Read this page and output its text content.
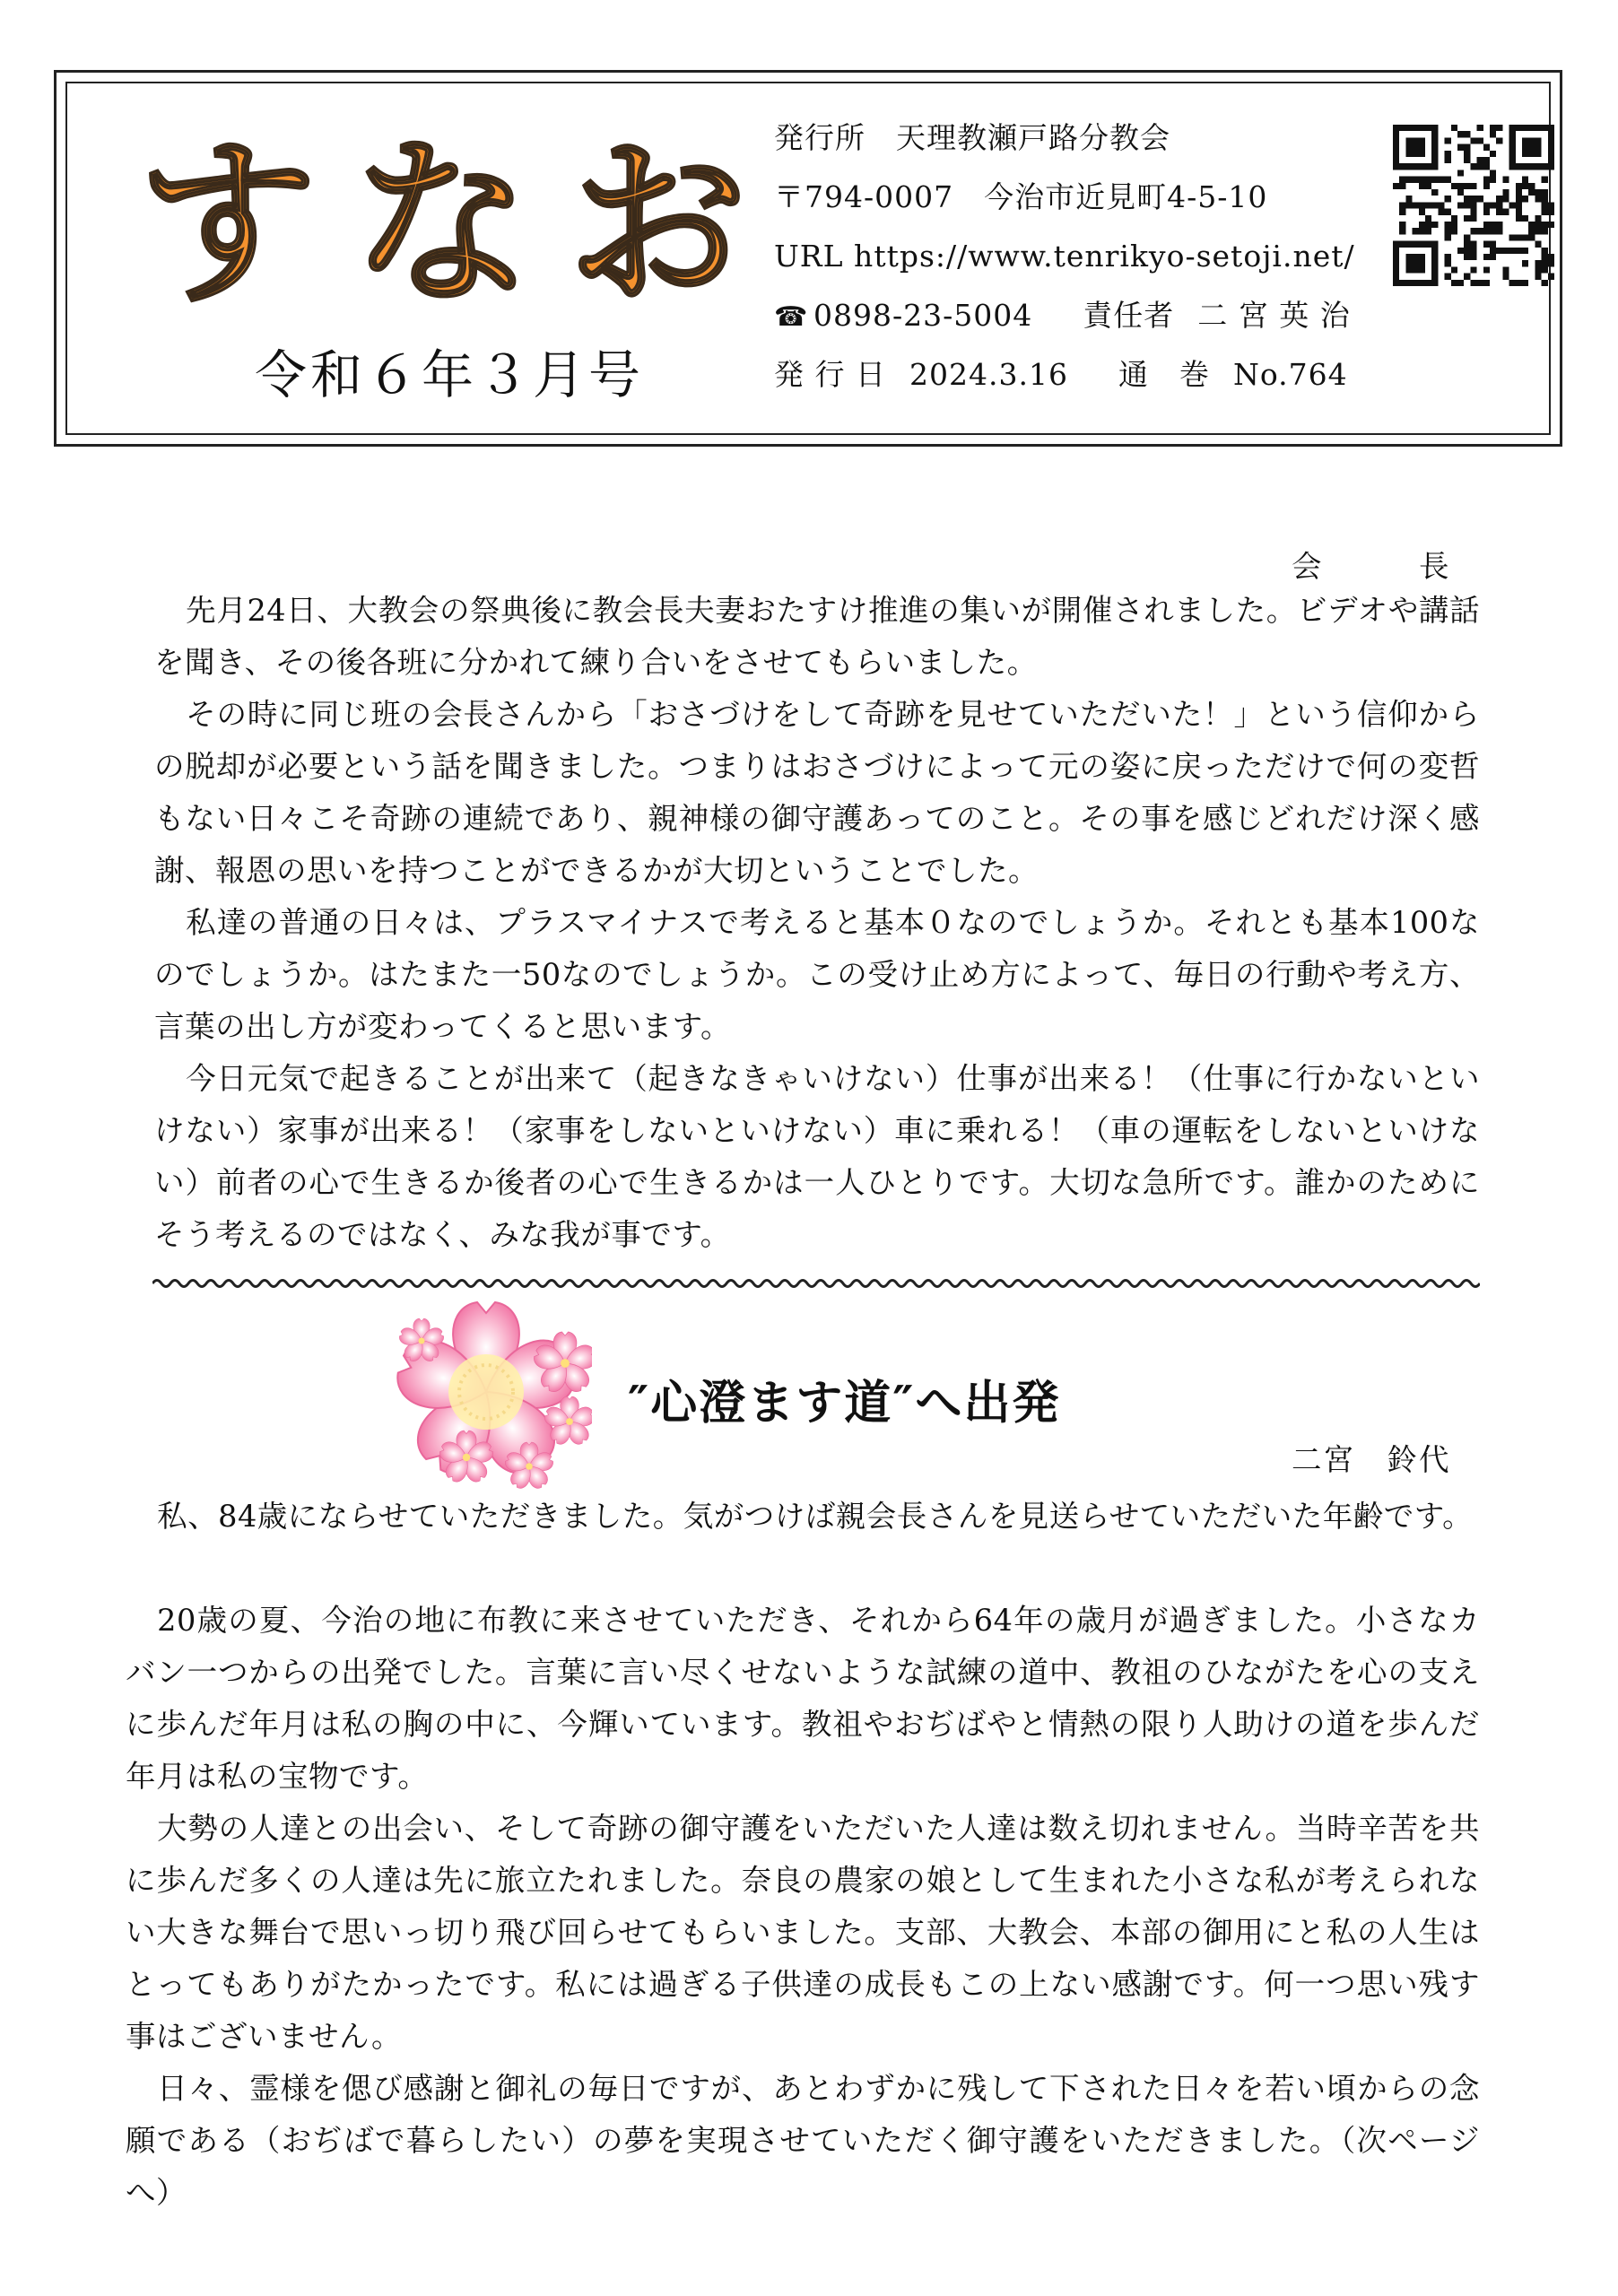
すなお
令和６年３月号
発行所　天理教瀬戸路分教会
〒794-0007　今治市近見町4-5-10
URL https://www.tenrikyo-setoji.net/
☎ 0898-23-5004 責任者 二 宮 英 治
発 行 日 2024.3.16 通　巻 No.764
会　　　長
先月24日、大教会の祭典後に教会長夫妻おたすけ推進の集いが開催されました。ビデオや講話を聞き、その後各班に分かれて練り合いをさせてもらいました。
その時に同じ班の会長さんから「おさづけをして奇跡を見せていただいた！」という信仰からの脱却が必要という話を聞きました。つまりはおさづけによって元の姿に戻っただけで何の変哲もない日々こそ奇跡の連続であり、親神様の御守護あってのこと。その事を感じどれだけ深く感謝、報恩の思いを持つことができるかが大切ということでした。
私達の普通の日々は、プラスマイナスで考えると基本０なのでしょうか。それとも基本100なのでしょうか。はたまた一50なのでしょうか。この受け止め方によって、毎日の行動や考え方、言葉の出し方が変わってくると思います。
今日元気で起きることが出来て（起きなきゃいけない）仕事が出来る！（仕事に行かないといけない）家事が出来る！（家事をしないといけない）車に乗れる！（車の運転をしないといけない）前者の心で生きるか後者の心で生きるかは一人ひとりです。大切な急所です。誰かのためにそう考えるのではなく、みな我が事です。
″心澄ます道″へ出発
二宮　鈴代
私、84歳にならせていただきました。気がつけば親会長さんを見送らせていただいた年齢です。
20歳の夏、今治の地に布教に来させていただき、それから64年の歳月が過ぎました。小さなカバン一つからの出発でした。言葉に言い尽くせないような試練の道中、教祖のひながたを心の支えに歩んだ年月は私の胸の中に、今輝いています。教祖やおぢばやと情熱の限り人助けの道を歩んだ年月は私の宝物です。
大勢の人達との出会い、そして奇跡の御守護をいただいた人達は数え切れません。当時辛苦を共に歩んだ多くの人達は先に旅立たれました。奈良の農家の娘として生まれた小さな私が考えられない大きな舞台で思いっ切り飛び回らせてもらいました。支部、大教会、本部の御用にと私の人生はとってもありがたかったです。私には過ぎる子供達の成長もこの上ない感謝です。何一つ思い残す事はございません。
日々、霊様を偲び感謝と御礼の毎日ですが、あとわずかに残して下された日々を若い頃からの念願である（おぢばで暮らしたい）の夢を実現させていただく御守護をいただきました。（次ページへ）
